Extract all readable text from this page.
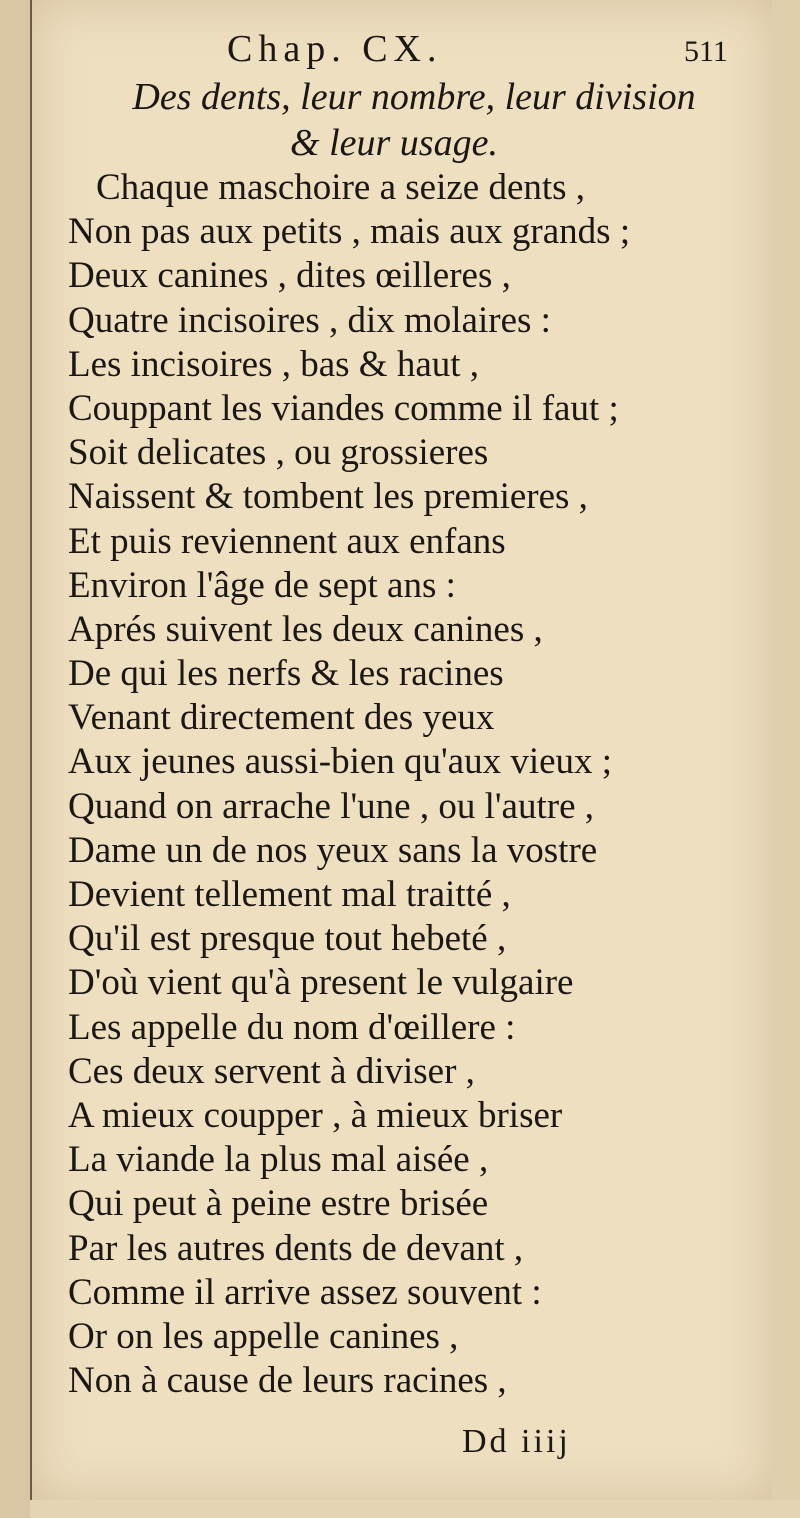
Chap. CX.	511
Des dents, leur nombre, leur division
& leur usage.
Chaque maschoire a seize dents ,
Non pas aux petits , mais aux grands ;
Deux canines , dites œilleres ,
Quatre incisoires , dix molaires :
Les incisoires , bas & haut ,
Couppant les viandes comme il faut ;
Soit delicates , ou grossieres
Naissent & tombent les premieres ,
Et puis reviennent aux enfans
Environ l'âge de sept ans :
Aprés suivent les deux canines ,
De qui les nerfs & les racines
Venant directement des yeux
Aux jeunes aussi-bien qu'aux vieux ;
Quand on arrache l'une , ou l'autre ,
Dame un de nos yeux sans la vostre
Devient tellement mal traitté ,
Qu'il est presque tout hebeté ,
D'où vient qu'à present le vulgaire
Les appelle du nom d'œillere :
Ces deux servent à diviser ,
A mieux coupper , à mieux briser
La viande la plus mal aisée ,
Qui peut à peine estre brisée
Par les autres dents de devant ,
Comme il arrive assez souvent :
Or on les appelle canines ,
Non à cause de leurs racines ,
Dd iiij
